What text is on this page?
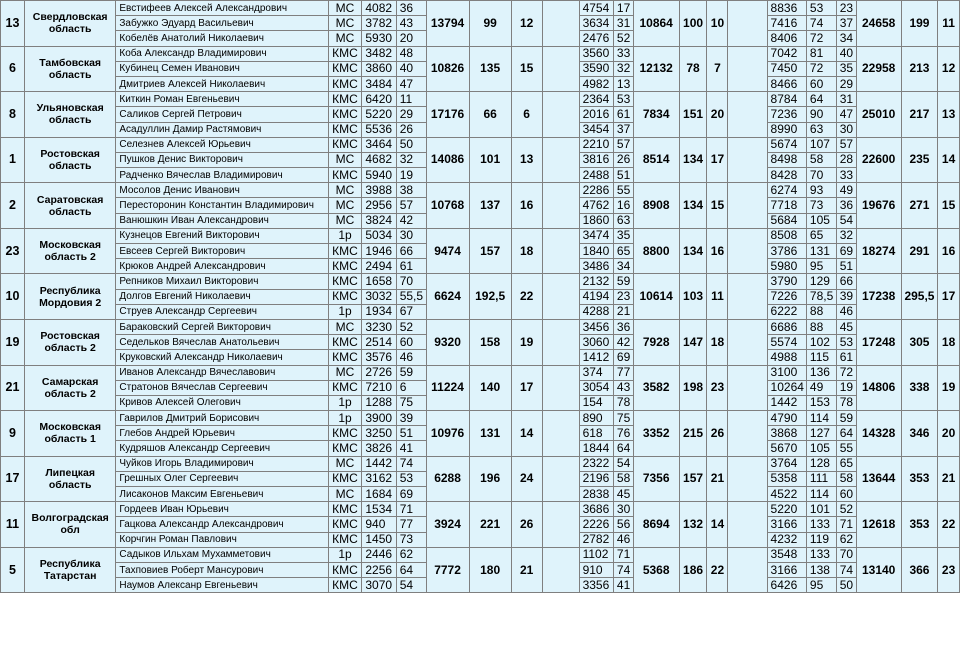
13	Свердловская область	Евстифеев Алексей Александрович	МС	4082	36	13794	99	12		4754	17	10864	100	10		8836	53	23	24658	199	11
		Забужко Эдуард Васильевич	МС	3782	43					3634	31					7416	74	37			
		Кобелёв Анатолий Николаевич	МС	5930	20					2476	52					8406	72	34			
6	Тамбовская область	Коба Александр Владимирович	КМС	3482	48	10826	135	15		3560	33	12132	78	7		7042	81	40	22958	213	12
		Кубинец Семен Иванович	КМС	3860	40					3590	32					7450	72	35			
		Дмитриев Алексей Николаевич	КМС	3484	47					4982	13					8466	60	29			
8	Ульяновская область	Киткин Роман Евгеньевич	КМС	6420	11	17176	66	6		2364	53	7834	151	20		8784	64	31	25010	217	13
		Саликов Сергей Петрович	КМС	5220	29					2016	61					7236	90	47			
		Асадуллин Дамир Растямович	КМС	5536	26					3454	37					8990	63	30			
1	Ростовская область	Селезнев Алексей Юрьевич	КМС	3464	50	14086	101	13		2210	57	8514	134	17		5674	107	57	22600	235	14
		Пушков Денис Викторович	МС	4682	32					3816	26					8498	58	28			
		Радченко Вячеслав Владимирович	КМС	5940	19					2488	51					8428	70	33			
2	Саратовская область	Мосолов Денис Иванович	МС	3988	38	10768	137	16		2286	55	8908	134	15		6274	93	49	19676	271	15
		Пересторонин Константин Владимирович	МС	2956	57					4762	16					7718	73	36			
		Ванюшкин Иван Александрович	МС	3824	42					1860	63					5684	105	54			
23	Московская область 2	Кузнецов Евгений Викторович	1р	5034	30	9474	157	18		3474	35	8800	134	16		8508	65	32	18274	291	16
		Евсеев Сергей Викторович	КМС	1946	66					1840	65					3786	131	69			
		Крюков Андрей Александрович	КМС	2494	61					3486	34					5980	95	51			
10	Республика Мордовия 2	Репников Михаил Викторович	КМС	1658	70	6624	192,5	22		2132	59	10614	103	11		3790	129	66	17238	295,5	17
		Долгов Евгений Николаевич	КМС	3032	55,5					4194	23					7226	78,5	39			
		Струев Александр Сергеевич	1р	1934	67					4288	21					6222	88	46			
19	Ростовская область 2	Бараковский Сергей Викторович	МС	3230	52	9320	158	19		3456	36	7928	147	18		6686	88	45	17248	305	18
		Седельков Вячеслав Анатольевич	КМС	2514	60					3060	42					5574	102	53			
		Круковский Александр Николаевич	КМС	3576	46					1412	69					4988	115	61			
21	Самарская область 2	Иванов Александр Вячеславович	МС	2726	59	11224	140	17		374	77	3582	198	23		3100	136	72	14806	338	19
		Стратонов Вячеслав Сергеевич	КМС	7210	6					3054	43					10264	49	19			
		Кривов Алексей Олегович	1р	1288	75					154	78					1442	153	78			
9	Московская область 1	Гаврилов Дмитрий Борисович	1р	3900	39	10976	131	14		890	75	3352	215	26		4790	114	59	14328	346	20
		Глебов Андрей Юрьевич	КМС	3250	51					618	76					3868	127	64			
		Кудряшов Александр Сергеевич	КМС	3826	41					1844	64					5670	105	55			
17	Липецкая область	Чуйков Игорь Владимирович	МС	1442	74	6288	196	24		2322	54	7356	157	21		3764	128	65	13644	353	21
		Грешных Олег Сергеевич	КМС	3162	53					2196	58					5358	111	58			
		Лисаконов Максим Евгеньевич	МС	1684	69					2838	45					4522	114	60			
11	Волгоградская обл	Гордеев Иван Юрьевич	КМС	1534	71	3924	221	26		3686	30	8694	132	14		5220	101	52	12618	353	22
		Гацкова Александр Александрович	КМС	940	77					2226	56					3166	133	71			
		Корчгин Роман Павлович	КМС	1450	73					2782	46					4232	119	62			
5	Республика Татарстан	Садыков Ильхам Мухамметович	1р	2446	62	7772	180	21		1102	71	5368	186	22		3548	133	70	13140	366	23
		Тахповиев Роберт Мансурович	КМС	2256	64					910	74					3166	138	74			
		Наумов Алексанр Евгеньевич	КМС	3070	54					3356	41					6426	95	50			
